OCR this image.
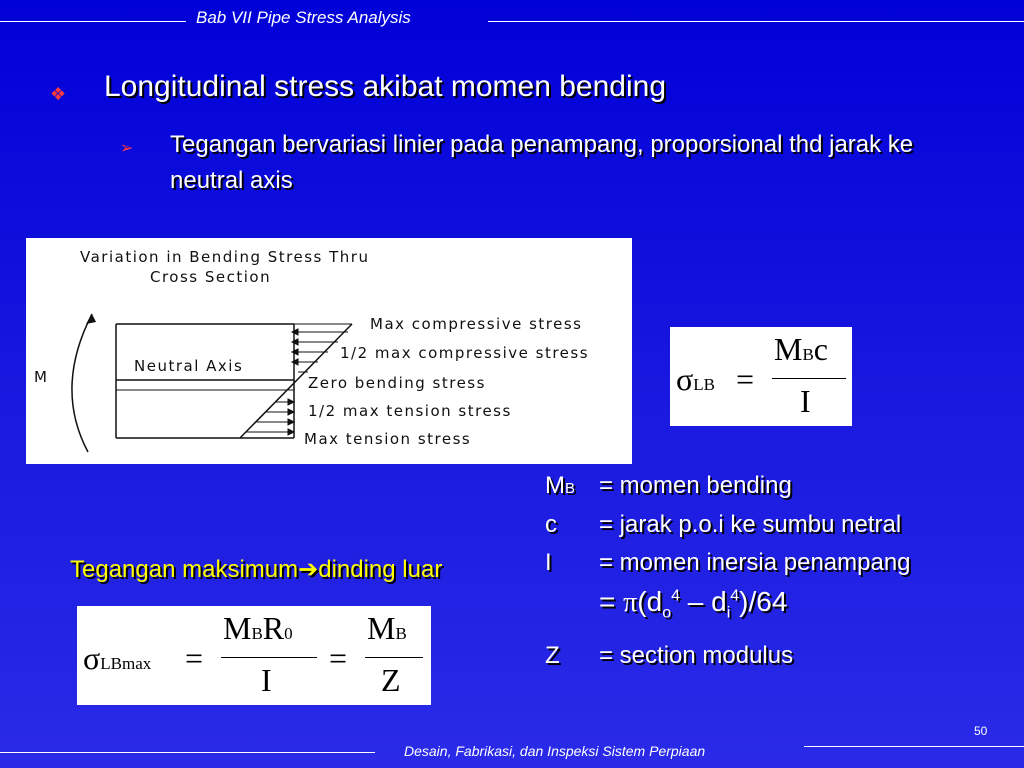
Bab VII Pipe Stress Analysis
❖ Longitudinal stress akibat momen bending
➢ Tegangan bervariasi linier pada penampang, proporsional thd jarak ke neutral axis
Variation in Bending Stress Thru
Cross Section
M
Neutral Axis
Max compressive stress
1/2 max compressive stress
Zero bending stress
1/2 max tension stress
Max tension stress
σLB =
MBc
I
MB = momen bending
c = jarak p.o.i ke sumbu netral
I = momen inersia penampang
= $\pi(d_o^4 - d_i^4)/64$
Z = section modulus
Tegangan maksimum➔dinding luar
σLBmax =
MBR0
I
=
MB
Z
50
Desain, Fabrikasi, dan Inspeksi Sistem Perpiaan
